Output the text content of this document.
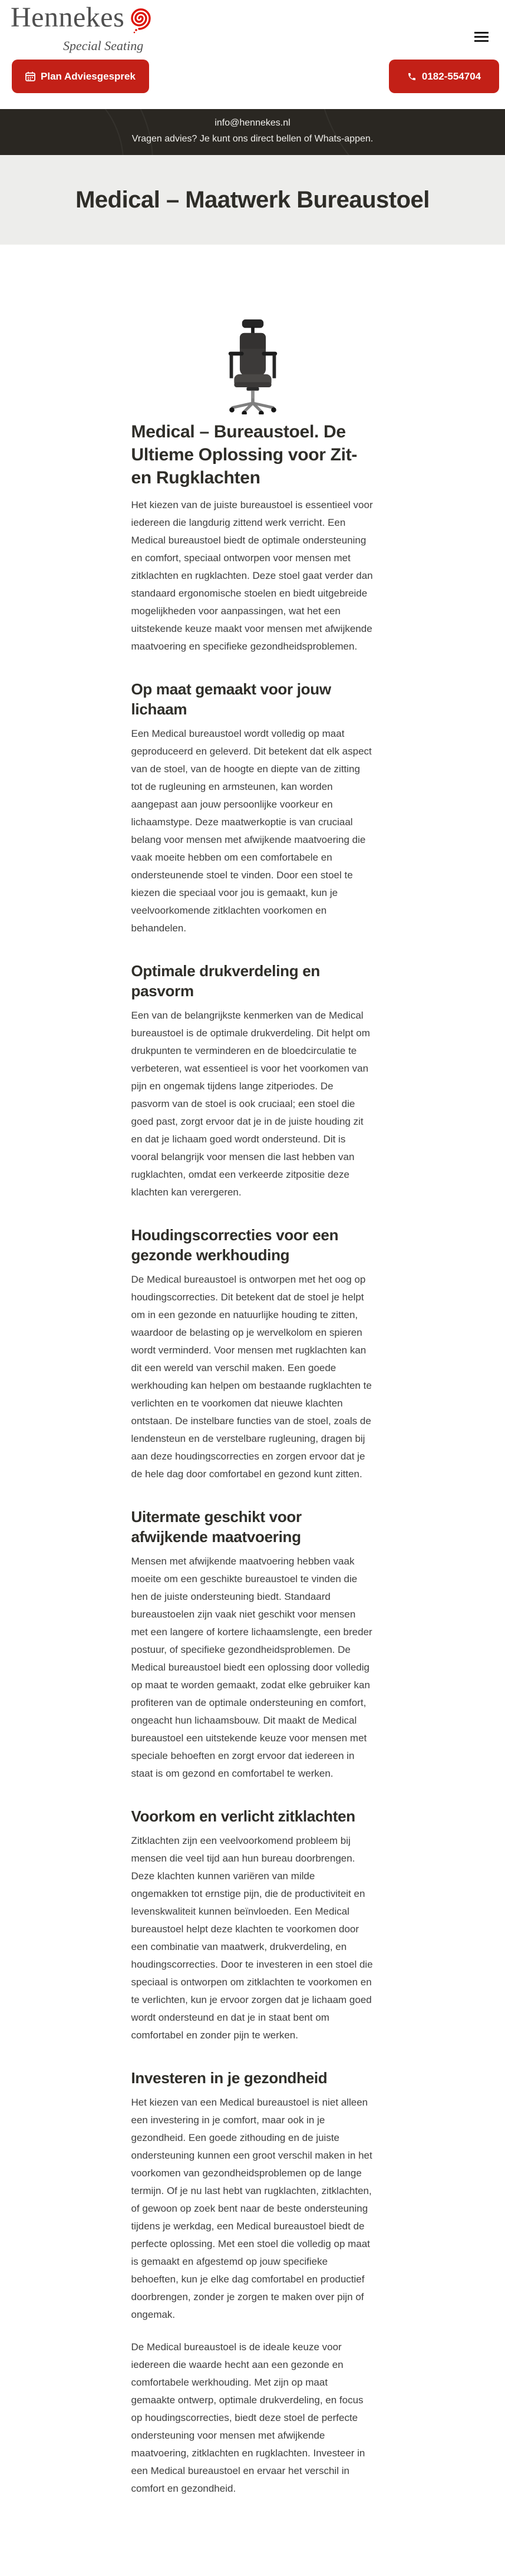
Hennekes
Special Seating
Plan Adviesgesprek	0182-554704
info@hennekes.nl
Vragen advies? Je kunt ons direct bellen of Whats-appen.
Medical – Maatwerk Bureaustoel
Medical – Bureaustoel. De Ultieme Oplossing voor Zit- en Rugklachten

Het kiezen van de juiste bureaustoel is essentieel voor iedereen die langdurig zittend werk verricht. Een Medical bureaustoel biedt de optimale ondersteuning en comfort, speciaal ontworpen voor mensen met zitklachten en rugklachten. Deze stoel gaat verder dan standaard ergonomische stoelen en biedt uitgebreide mogelijkheden voor aanpassingen, wat het een uitstekende keuze maakt voor mensen met afwijkende maatvoering en specifieke gezondheidsproblemen.

Op maat gemaakt voor jouw lichaam

Een Medical bureaustoel wordt volledig op maat geproduceerd en geleverd. Dit betekent dat elk aspect van de stoel, van de hoogte en diepte van de zitting tot de rugleuning en armsteunen, kan worden aangepast aan jouw persoonlijke voorkeur en lichaamstype. Deze maatwerkoptie is van cruciaal belang voor mensen met afwijkende maatvoering die vaak moeite hebben om een comfortabele en ondersteunende stoel te vinden. Door een stoel te kiezen die speciaal voor jou is gemaakt, kun je veelvoorkomende zitklachten voorkomen en behandelen.

Optimale drukverdeling en pasvorm

Een van de belangrijkste kenmerken van de Medical bureaustoel is de optimale drukverdeling. Dit helpt om drukpunten te verminderen en de bloedcirculatie te verbeteren, wat essentieel is voor het voorkomen van pijn en ongemak tijdens lange zitperiodes. De pasvorm van de stoel is ook cruciaal; een stoel die goed past, zorgt ervoor dat je in de juiste houding zit en dat je lichaam goed wordt ondersteund. Dit is vooral belangrijk voor mensen die last hebben van rugklachten, omdat een verkeerde zitpositie deze klachten kan verergeren.

Houdingscorrecties voor een gezonde werkhouding

De Medical bureaustoel is ontworpen met het oog op houdingscorrecties. Dit betekent dat de stoel je helpt om in een gezonde en natuurlijke houding te zitten, waardoor de belasting op je wervelkolom en spieren wordt verminderd. Voor mensen met rugklachten kan dit een wereld van verschil maken. Een goede werkhouding kan helpen om bestaande rugklachten te verlichten en te voorkomen dat nieuwe klachten ontstaan. De instelbare functies van de stoel, zoals de lendensteun en de verstelbare rugleuning, dragen bij aan deze houdingscorrecties en zorgen ervoor dat je de hele dag door comfortabel en gezond kunt zitten.

Uitermate geschikt voor afwijkende maatvoering

Mensen met afwijkende maatvoering hebben vaak moeite om een geschikte bureaustoel te vinden die hen de juiste ondersteuning biedt. Standaard bureaustoelen zijn vaak niet geschikt voor mensen met een langere of kortere lichaamslengte, een breder postuur, of specifieke gezondheidsproblemen. De Medical bureaustoel biedt een oplossing door volledig op maat te worden gemaakt, zodat elke gebruiker kan profiteren van de optimale ondersteuning en comfort, ongeacht hun lichaamsbouw. Dit maakt de Medical bureaustoel een uitstekende keuze voor mensen met speciale behoeften en zorgt ervoor dat iedereen in staat is om gezond en comfortabel te werken.

Voorkom en verlicht zitklachten

Zitklachten zijn een veelvoorkomend probleem bij mensen die veel tijd aan hun bureau doorbrengen. Deze klachten kunnen variëren van milde ongemakken tot ernstige pijn, die de productiviteit en levenskwaliteit kunnen beïnvloeden. Een Medical bureaustoel helpt deze klachten te voorkomen door een combinatie van maatwerk, drukverdeling, en houdingscorrecties. Door te investeren in een stoel die speciaal is ontworpen om zitklachten te voorkomen en te verlichten, kun je ervoor zorgen dat je lichaam goed wordt ondersteund en dat je in staat bent om comfortabel en zonder pijn te werken.

Investeren in je gezondheid

Het kiezen van een Medical bureaustoel is niet alleen een investering in je comfort, maar ook in je gezondheid. Een goede zithouding en de juiste ondersteuning kunnen een groot verschil maken in het voorkomen van gezondheidsproblemen op de lange termijn. Of je nu last hebt van rugklachten, zitklachten, of gewoon op zoek bent naar de beste ondersteuning tijdens je werkdag, een Medical bureaustoel biedt de perfecte oplossing. Met een stoel die volledig op maat is gemaakt en afgestemd op jouw specifieke behoeften, kun je elke dag comfortabel en productief doorbrengen, zonder je zorgen te maken over pijn of ongemak.

De Medical bureaustoel is de ideale keuze voor iedereen die waarde hecht aan een gezonde en comfortabele werkhouding. Met zijn op maat gemaakte ontwerp, optimale drukverdeling, en focus op houdingscorrecties, biedt deze stoel de perfecte ondersteuning voor mensen met afwijkende maatvoering, zitklachten en rugklachten. Investeer in een Medical bureaustoel en ervaar het verschil in comfort en gezondheid.
